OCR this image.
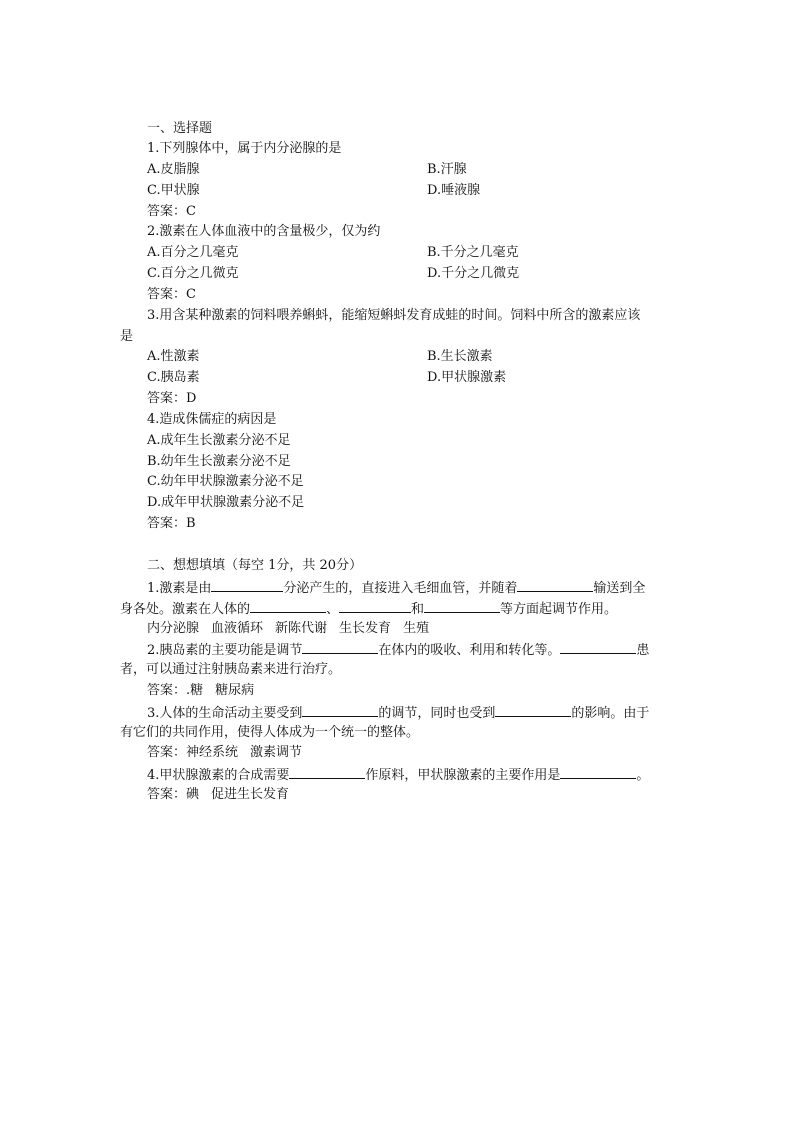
一、选择题
1.下列腺体中，属于内分泌腺的是
A.皮脂腺	B.汗腺
C.甲状腺	D.唾液腺
答案：C
2.激素在人体血液中的含量极少，仅为约
A.百分之几毫克	B.千分之几毫克
C.百分之几微克	D.千分之几微克
答案：C
3.用含某种激素的饲料喂养蝌蚪，能缩短蝌蚪发育成蛙的时间。饲料中所含的激素应该
是
A.性激素	B.生长激素
C.胰岛素	D.甲状腺激素
答案：D
4.造成侏儒症的病因是
A.成年生长激素分泌不足
B.幼年生长激素分泌不足
C.幼年甲状腺激素分泌不足
D.成年甲状腺激素分泌不足
答案：B
二、想想填填（每空 1分，共 20分）
1.激素是由	分泌产生的，直接进入毛细血管，并随着	输送到全
身各处。激素在人体的	、	和	等方面起调节作用。
内分泌腺 血液循环 新陈代谢 生长发育 生殖
2.胰岛素的主要功能是调节	在体内的吸收、利用和转化等。	患
者，可以通过注射胰岛素来进行治疗。
答案：.糖 糖尿病
3.人体的生命活动主要受到	的调节，同时也受到	的影响。由于
有它们的共同作用，使得人体成为一个统一的整体。
答案：神经系统 激素调节
4.甲状腺激素的合成需要	作原料，甲状腺激素的主要作用是	。
答案：碘 促进生长发育
